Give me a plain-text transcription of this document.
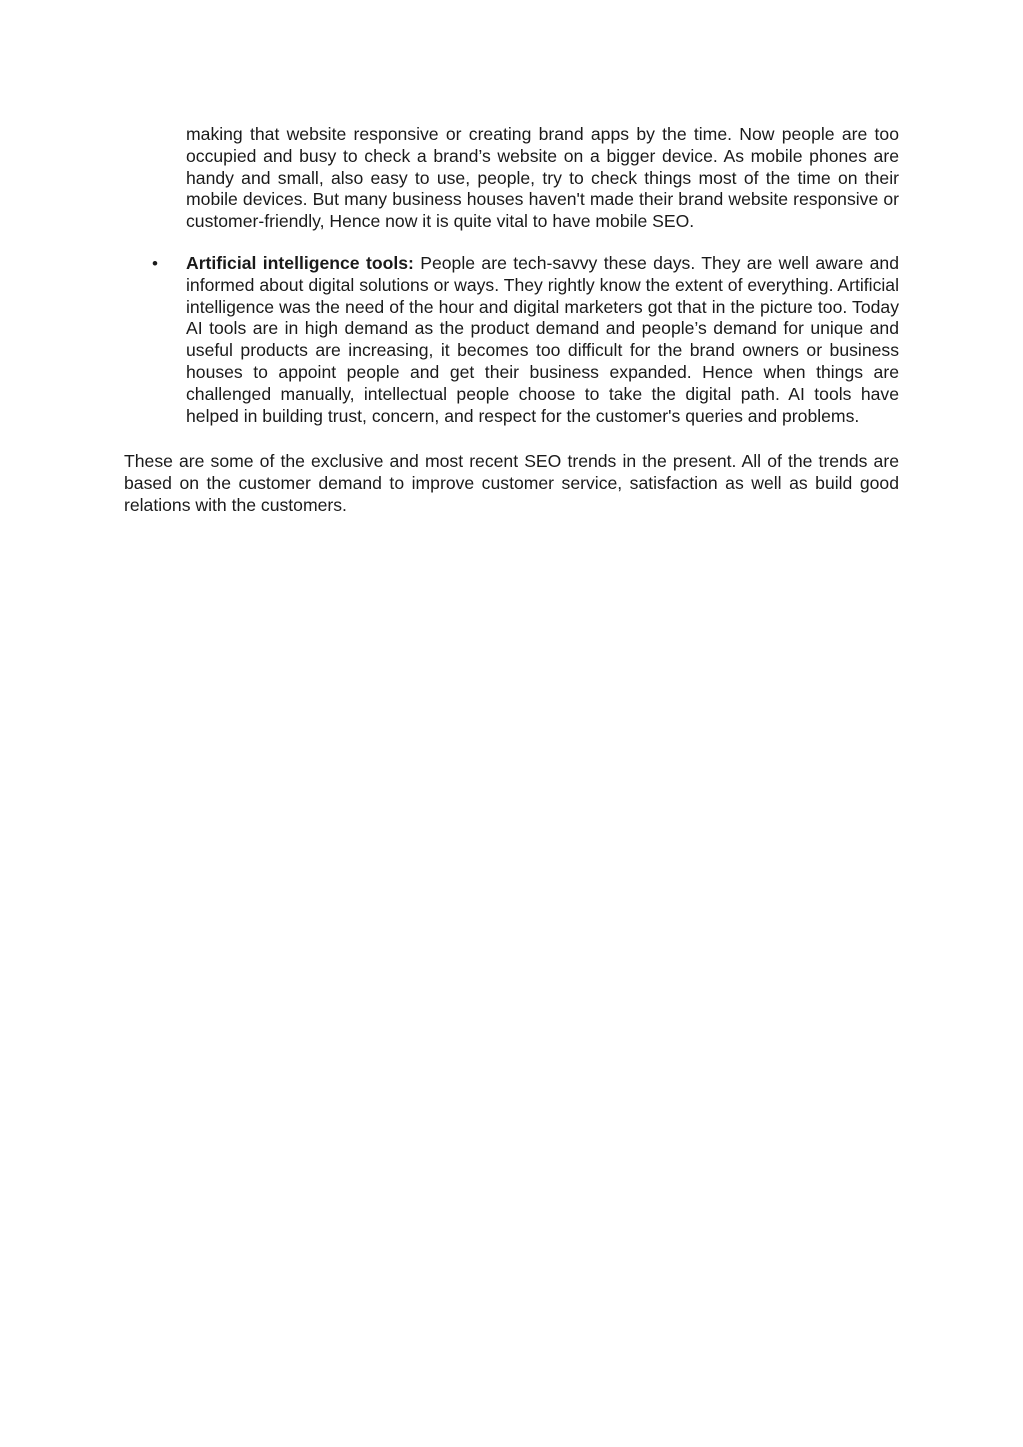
making that website responsive or creating brand apps by the time. Now people are too occupied and busy to check a brand’s website on a bigger device. As mobile phones are handy and small, also easy to use, people, try to check things most of the time on their mobile devices. But many business houses haven't made their brand website responsive or customer-friendly, Hence now it is quite vital to have mobile SEO.

• Artificial intelligence tools: People are tech-savvy these days. They are well aware and informed about digital solutions or ways. They rightly know the extent of everything. Artificial intelligence was the need of the hour and digital marketers got that in the picture too. Today AI tools are in high demand as the product demand and people’s demand for unique and useful products are increasing, it becomes too difficult for the brand owners or business houses to appoint people and get their business expanded. Hence when things are challenged manually, intellectual people choose to take the digital path. AI tools have helped in building trust, concern, and respect for the customer's queries and problems.

These are some of the exclusive and most recent SEO trends in the present. All of the trends are based on the customer demand to improve customer service, satisfaction as well as build good relations with the customers.
